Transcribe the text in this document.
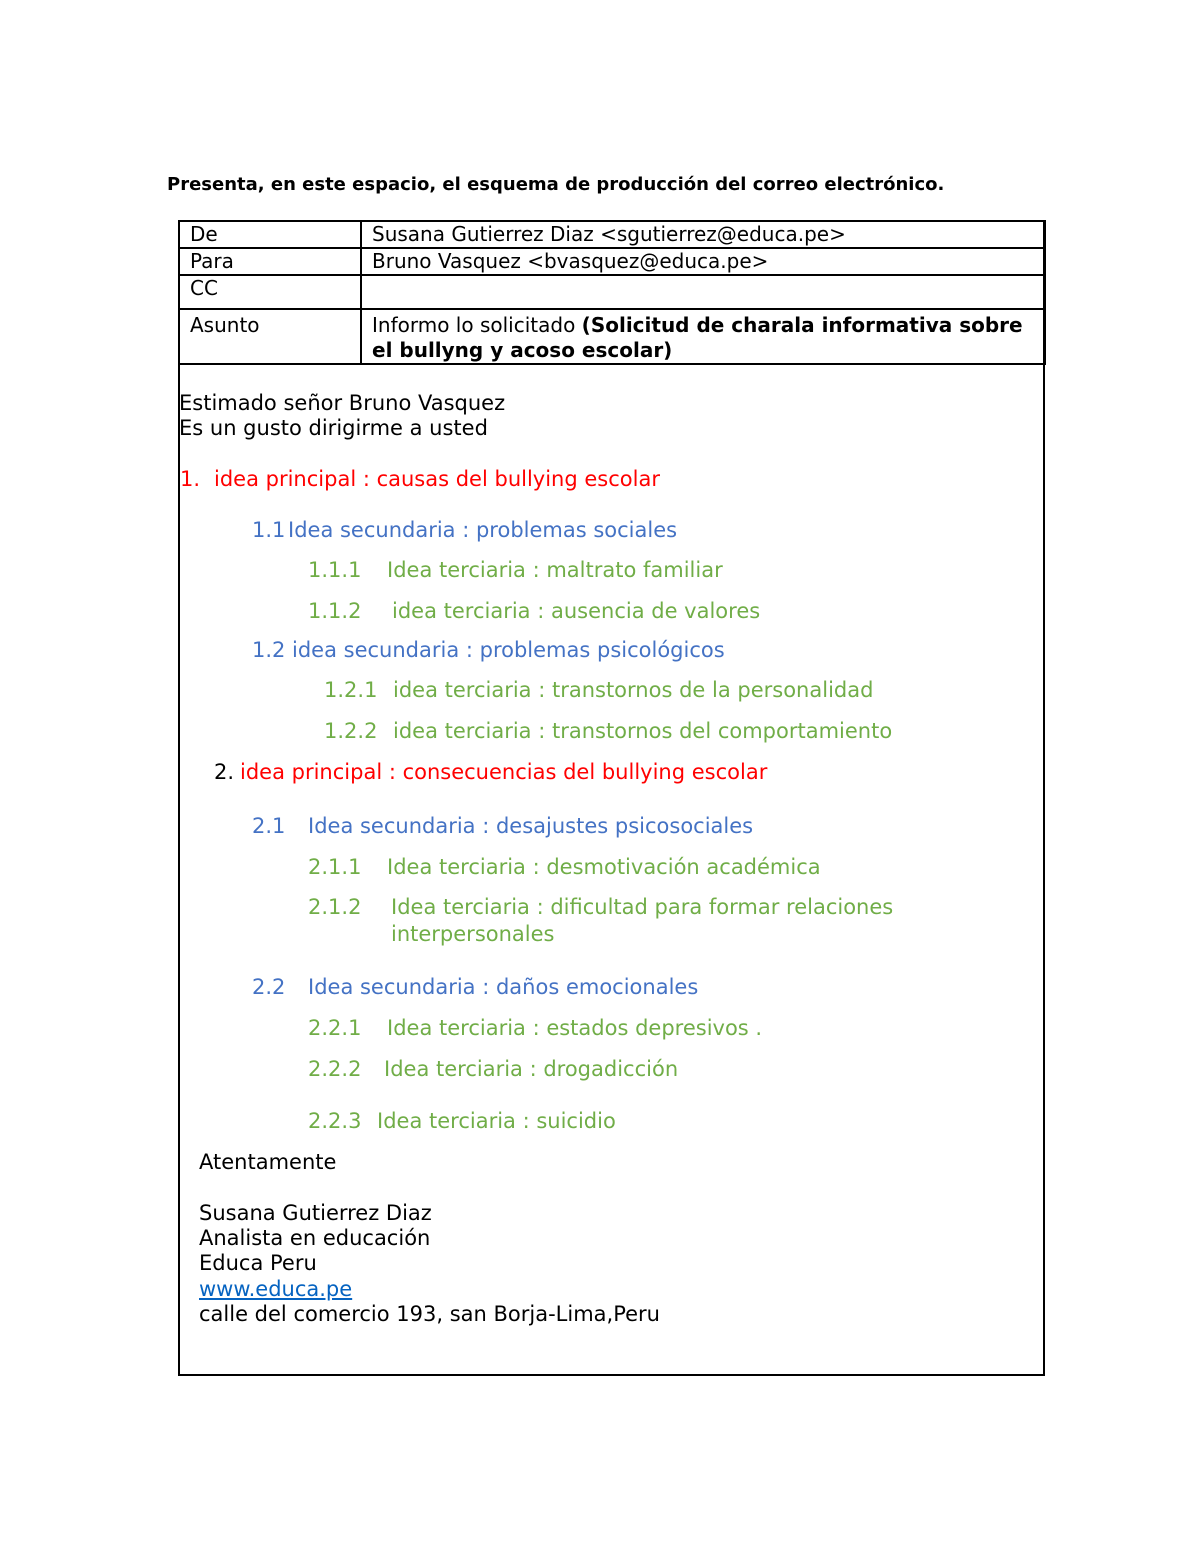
Presenta, en este espacio, el esquema de producción del correo electrónico.
De	Susana Gutierrez Diaz <sgutierrez@educa.pe>
Para	Bruno Vasquez <bvasquez@educa.pe>
CC	
Asunto	Informo lo solicitado (Solicitud de charala informativa sobre
el bullyng y acoso escolar)
Estimado señor Bruno Vasquez
Es un gusto dirigirme a usted
1. idea principal : causas del bullying escolar
1.1 Idea secundaria : problemas sociales
1.1.1 Idea terciaria : maltrato familiar
1.1.2 idea terciaria : ausencia de valores
1.2 idea secundaria : problemas psicológicos
1.2.1 idea terciaria : transtornos de la personalidad
1.2.2 idea terciaria : transtornos del comportamiento
2. idea principal : consecuencias del bullying escolar
2.1 Idea secundaria : desajustes psicosociales
2.1.1 Idea terciaria : desmotivación académica
2.1.2 Idea terciaria : dificultad para formar relaciones
interpersonales
2.2 Idea secundaria : daños emocionales
2.2.1 Idea terciaria : estados depresivos .
2.2.2 Idea terciaria : drogadicción
2.2.3 Idea terciaria : suicidio
Atentamente
Susana Gutierrez Diaz
Analista en educación
Educa Peru
www.educa.pe
calle del comercio 193, san Borja-Lima,Peru
